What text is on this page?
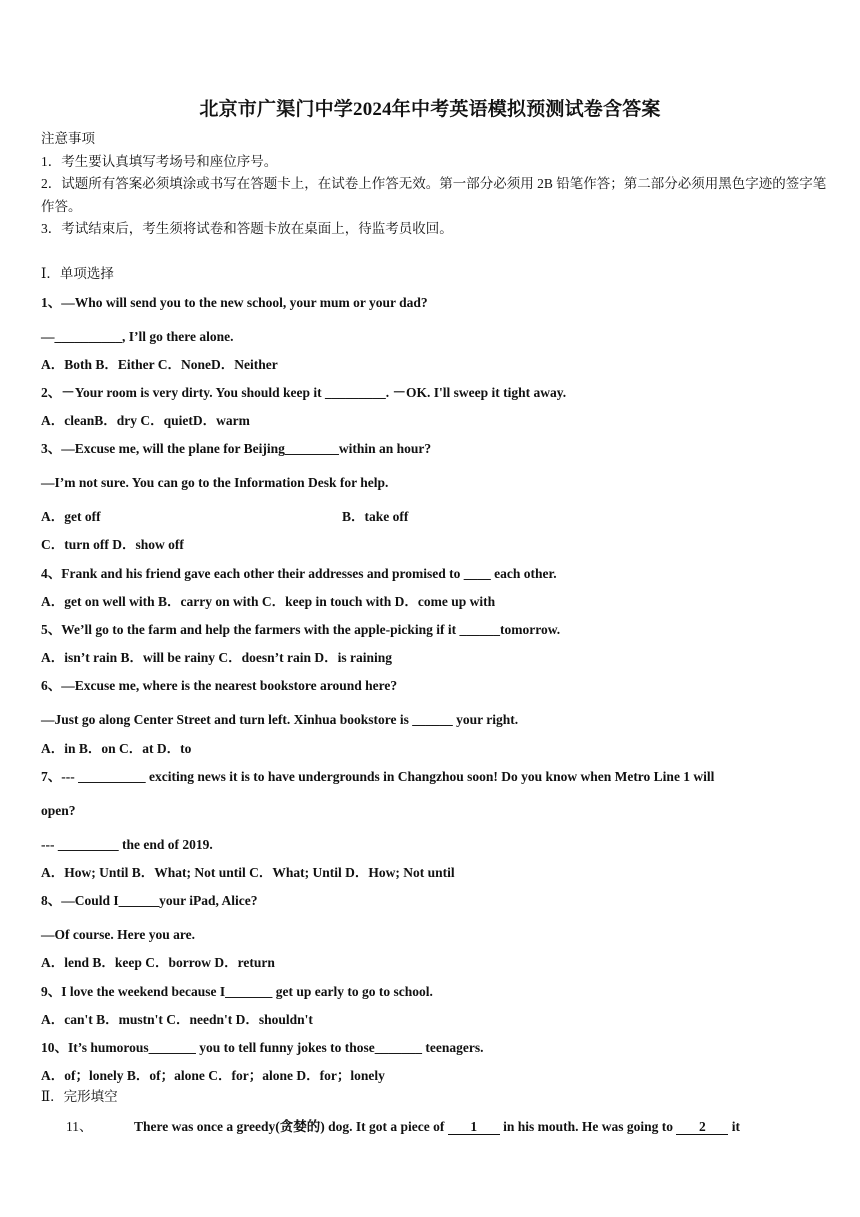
北京市广渠门中学2024年中考英语模拟预测试卷含答案
注意事项
1．考生要认真填写考场号和座位序号。
2．试题所有答案必须填涂或书写在答题卡上，在试卷上作答无效。第一部分必须用 2B 铅笔作答；第二部分必须用黑色字迹的签字笔作答。
3．考试结束后，考生须将试卷和答题卡放在桌面上，待监考员收回。
Ⅰ．单项选择
1、—Who will send you to the new school, your mum or your dad?
—__________, I’ll go there alone.
A．Both B．Either C．NoneD．Neither
2、－Your room is very dirty. You should keep it _________. －OK. I'll sweep it tight away.
A．cleanB．dry C．quietD．warm
3、—Excuse me, will the plane for Beijing________within an hour?
—I’m not sure. You can go to the Information Desk for help.
A．get off	B．take off
C．turn off D．show off
4、Frank and his friend gave each other their addresses and promised to ____ each other.
A．get on well with B．carry on with C．keep in touch with D．come up with
5、We’ll go to the farm and help the farmers with the apple-picking if it ______tomorrow.
A．isn’t rain B．will be rainy C．doesn’t rain D．is raining
6、—Excuse me, where is the nearest bookstore around here?
—Just go along Center Street and turn left. Xinhua bookstore is ______ your right.
A．in B．on C．at D．to
7、--- __________ exciting news it is to have undergrounds in Changzhou soon! Do you know when Metro Line 1 will
open?
--- _________ the end of 2019.
A．How; Until B．What; Not until C．What; Until D．How; Not until
8、—Could I______your iPad, Alice?
—Of course. Here you are.
A．lend B．keep C．borrow D．return
9、I love the weekend because I_______ get up early to go to school.
A．can't B．mustn't C．needn't D．shouldn't
10、It’s humorous_______ you to tell funny jokes to those_______ teenagers.
A．of；lonely B．of；alone C．for；alone D．for；lonely
Ⅱ．完形填空
11、	There was once a greedy(贪婪的) dog. It got a piece of 1 in his mouth. He was going to 2 it
